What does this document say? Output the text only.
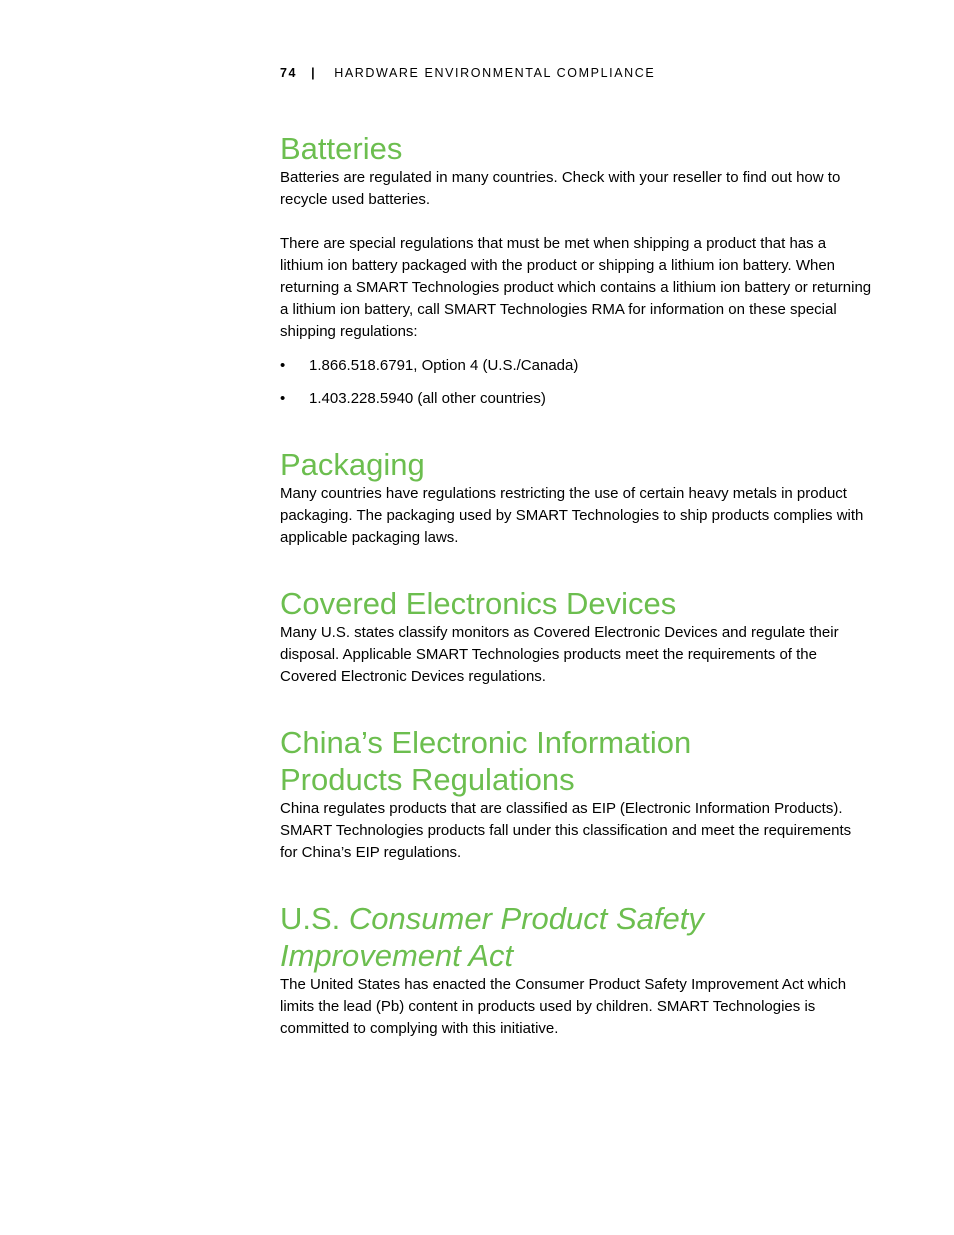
74 | HARDWARE ENVIRONMENTAL COMPLIANCE
Batteries

Batteries are regulated in many countries. Check with your reseller to find out how to recycle used batteries.

There are special regulations that must be met when shipping a product that has a lithium ion battery packaged with the product or shipping a lithium ion battery. When returning a SMART Technologies product which contains a lithium ion battery or returning a lithium ion battery, call SMART Technologies RMA for information on these special shipping regulations:

• 1.866.518.6791, Option 4 (U.S./Canada)
• 1.403.228.5940 (all other countries)
Packaging

Many countries have regulations restricting the use of certain heavy metals in product packaging. The packaging used by SMART Technologies to ship products complies with applicable packaging laws.

Covered Electronics Devices

Many U.S. states classify monitors as Covered Electronic Devices and regulate their disposal. Applicable SMART Technologies products meet the requirements of the Covered Electronic Devices regulations.

China’s Electronic Information
Products Regulations

China regulates products that are classified as EIP (Electronic Information Products). SMART Technologies products fall under this classification and meet the requirements for China’s EIP regulations.

U.S. Consumer Product Safety
Improvement Act

The United States has enacted the Consumer Product Safety Improvement Act which limits the lead (Pb) content in products used by children. SMART Technologies is committed to complying with this initiative.
